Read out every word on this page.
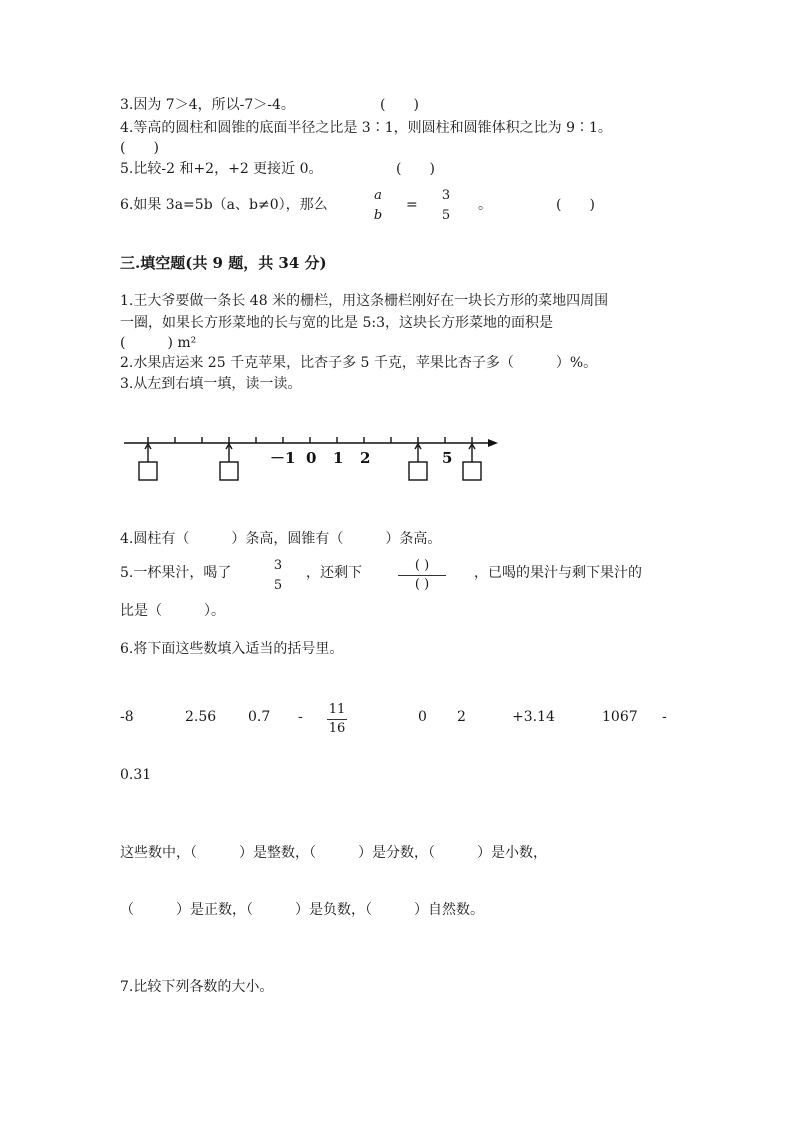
3.因为 7＞4，所以-7＞-4。	(　　)
4.等高的圆柱和圆锥的底面半径之比是 3∶1，则圆柱和圆锥体积之比为 9∶1。
(　　)
5.比较-2 和+2，+2 更接近 0。	(　　)
6.如果 3a=5b（a、b≠0），那么
a
b
=
3
5
。	(　　)
三.填空题(共 9 题，共 34 分)
1.王大爷要做一条长 48 米的栅栏，用这条栅栏刚好在一块长方形的菜地四周围
一圈，如果长方形菜地的长与宽的比是 5:3，这块长方形菜地的面积是
(　　　) m²
2.水果店运来 25 千克苹果，比杏子多 5 千克，苹果比杏子多（　　　）%。
3.从左到右填一填，读一读。
－1 0 1 2	5
4.圆柱有（　　　）条高，圆锥有（　　　）条高。
5.一杯果汁，喝了	3
5
，还剩下	( )
( )
，已喝的果汁与剩下果汁的
比是（　　　）。
6.将下面这些数填入适当的括号里。
-8	2.56 0.7 - 11
16
0 2	+3.14	1067 -
0.31
这些数中，（　　　）是整数，（　　　）是分数，（　　　）是小数，
（　　　）是正数，（　　　）是负数，（　　　）自然数。
7.比较下列各数的大小。
